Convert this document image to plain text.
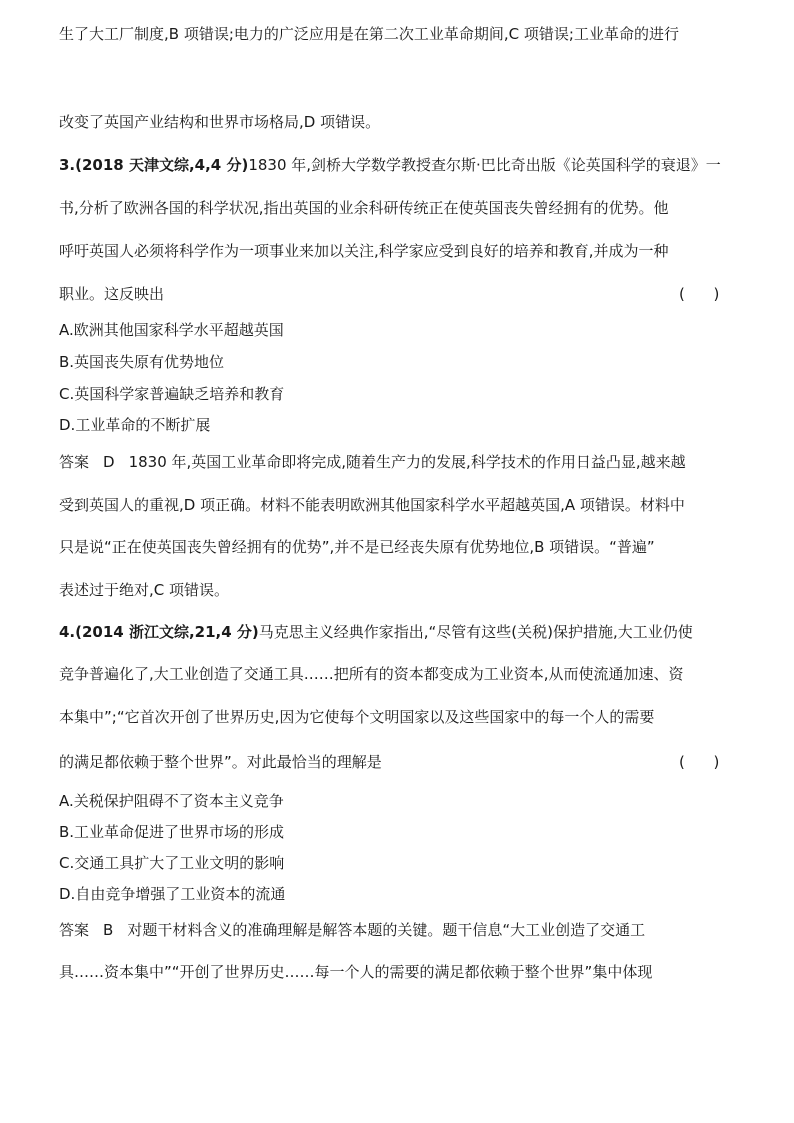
生了大工厂制度,B 项错误;电力的广泛应用是在第二次工业革命期间,C 项错误;工业革命的进行
改变了英国产业结构和世界市场格局,D 项错误。
3.(2018 天津文综,4,4 分)1830 年,剑桥大学数学教授查尔斯·巴比奇出版《论英国科学的衰退》一
书,分析了欧洲各国的科学状况,指出英国的业余科研传统正在使英国丧失曾经拥有的优势。他
呼吁英国人必须将科学作为一项事业来加以关注,科学家应受到良好的培养和教育,并成为一种
职业。这反映出	(      )
A.欧洲其他国家科学水平超越英国
B.英国丧失原有优势地位
C.英国科学家普遍缺乏培养和教育
D.工业革命的不断扩展
答案 D 1830 年,英国工业革命即将完成,随着生产力的发展,科学技术的作用日益凸显,越来越
受到英国人的重视,D 项正确。材料不能表明欧洲其他国家科学水平超越英国,A 项错误。材料中
只是说“正在使英国丧失曾经拥有的优势”,并不是已经丧失原有优势地位,B 项错误。“普遍”
表述过于绝对,C 项错误。
4.(2014 浙江文综,21,4 分)马克思主义经典作家指出,“尽管有这些(关税)保护措施,大工业仍使
竞争普遍化了,大工业创造了交通工具……把所有的资本都变成为工业资本,从而使流通加速、资
本集中”;“它首次开创了世界历史,因为它使每个文明国家以及这些国家中的每一个人的需要
的满足都依赖于整个世界”。对此最恰当的理解是	(      )
A.关税保护阻碍不了资本主义竞争
B.工业革命促进了世界市场的形成
C.交通工具扩大了工业文明的影响
D.自由竞争增强了工业资本的流通
答案 B 对题干材料含义的准确理解是解答本题的关键。题干信息“大工业创造了交通工
具……资本集中”“开创了世界历史……每一个人的需要的满足都依赖于整个世界”集中体现
